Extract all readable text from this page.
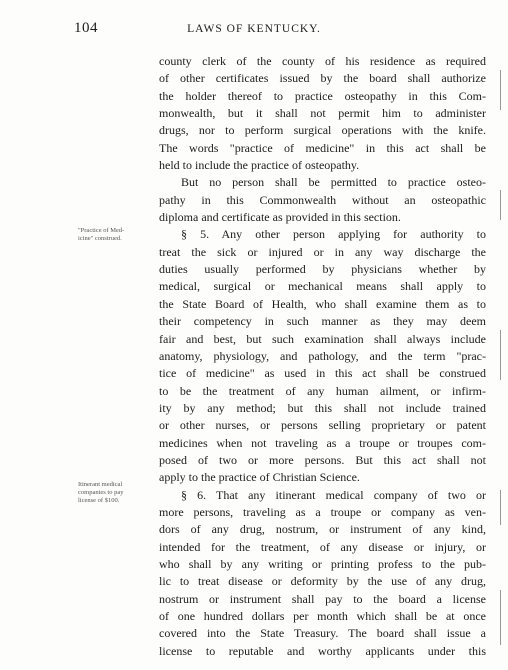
104	LAWS OF KENTUCKY.
"Practice of Med-
icine" construed.
Itinerant medical
companies to pay
license of $100.
county clerk of the county of his residence as required
of other certificates issued by the board shall authorize
the holder thereof to practice osteopathy in this Com-
monwealth, but it shall not permit him to administer
drugs, nor to perform surgical operations with the knife.
The words "practice of medicine" in this act shall be
held to include the practice of osteopathy.
But no person shall be permitted to practice osteo-
pathy in this Commonwealth without an osteopathic
diploma and certificate as provided in this section.
§ 5. Any other person applying for authority to
treat the sick or injured or in any way discharge the
duties usually performed by physicians whether by
medical, surgical or mechanical means shall apply to
the State Board of Health, who shall examine them as to
their competency in such manner as they may deem
fair and best, but such examination shall always include
anatomy, physiology, and pathology, and the term "prac-
tice of medicine" as used in this act shall be construed
to be the treatment of any human ailment, or infirm-
ity by any method; but this shall not include trained
or other nurses, or persons selling proprietary or patent
medicines when not traveling as a troupe or troupes com-
posed of two or more persons. But this act shall not
apply to the practice of Christian Science.
§ 6. That any itinerant medical company of two or
more persons, traveling as a troupe or company as ven-
dors of any drug, nostrum, or instrument of any kind,
intended for the treatment, of any disease or injury, or
who shall by any writing or printing profess to the pub-
lic to treat disease or deformity by the use of any drug,
nostrum or instrument shall pay to the board a license
of one hundred dollars per month which shall be at once
covered into the State Treasury. The board shall issue a
license to reputable and worthy applicants under this
